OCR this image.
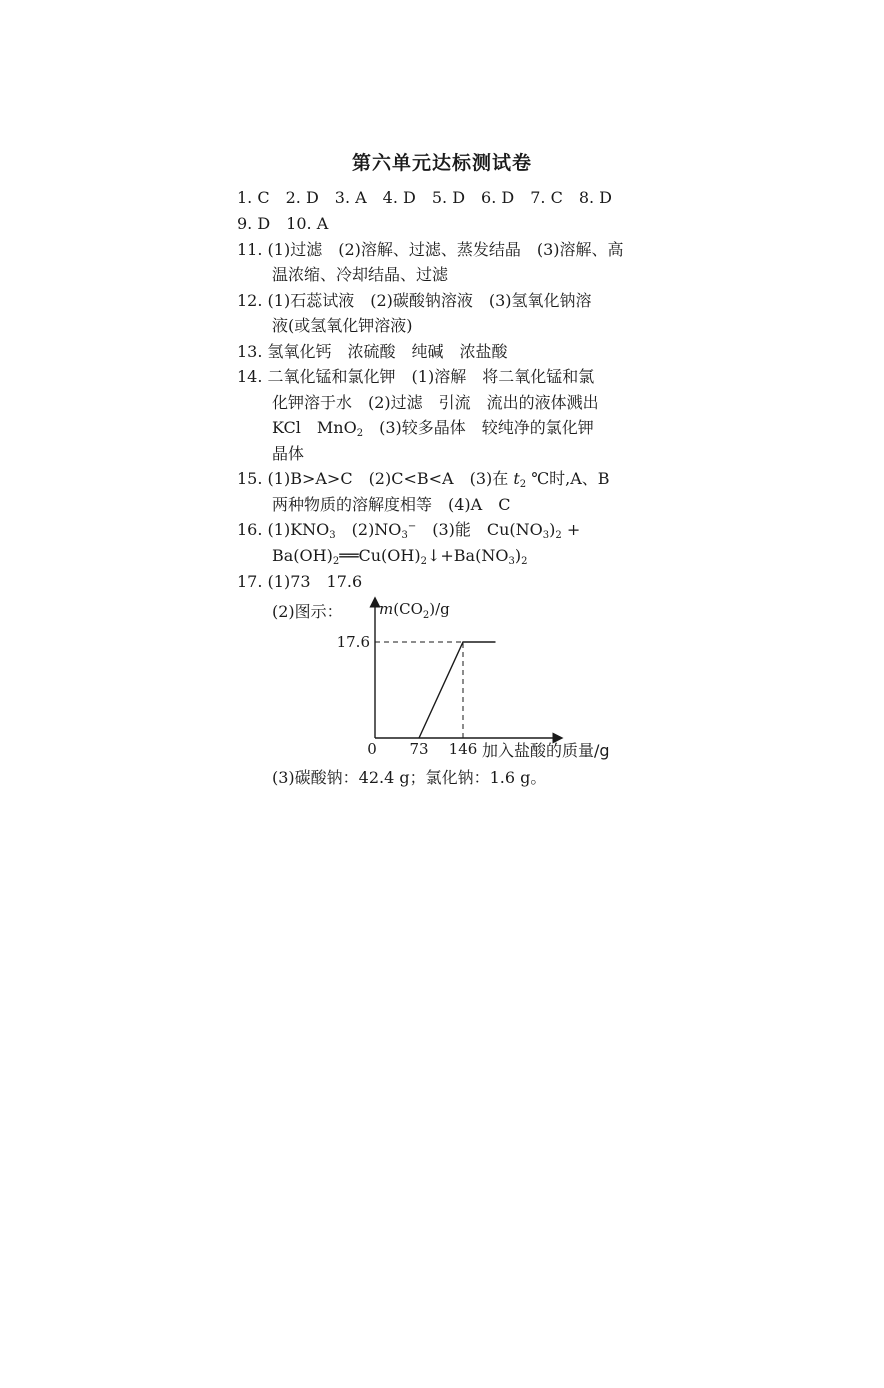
第六单元达标测试卷
1. C　2. D　3. A　4. D　5. D　6. D　7. C　8. D
9. D　10. A
11. (1)过滤　(2)溶解、过滤、蒸发结晶　(3)溶解、高
温浓缩、冷却结晶、过滤
12. (1)石蕊试液　(2)碳酸钠溶液　(3)氢氧化钠溶
液(或氢氧化钾溶液)
13. 氢氧化钙　浓硫酸　纯碱　浓盐酸
14. 二氧化锰和氯化钾　(1)溶解　将二氧化锰和氯
化钾溶于水　(2)过滤　引流　流出的液体溅出
KCl　MnO$_2$　(3)较多晶体　较纯净的氯化钾
晶体
15. (1)B>A>C　(2)C<B<A　(3)在 $t_2$ ℃时,A、B
两种物质的溶解度相等　(4)A　C
16. $(1)KNO_3$　$(2)NO_3^-$　(3)能　$Cu(NO_3)_2$ +
$Ba(OH)_2══Cu(OH)_2↓+Ba(NO_3)_2$
17. (1)73　17.6
(2)图示： $m(CO_2)/g$
17.6
0 73 146 加入盐酸的质量/g
(3)碳酸钠：42.4 g；氯化钠：1.6 g。
